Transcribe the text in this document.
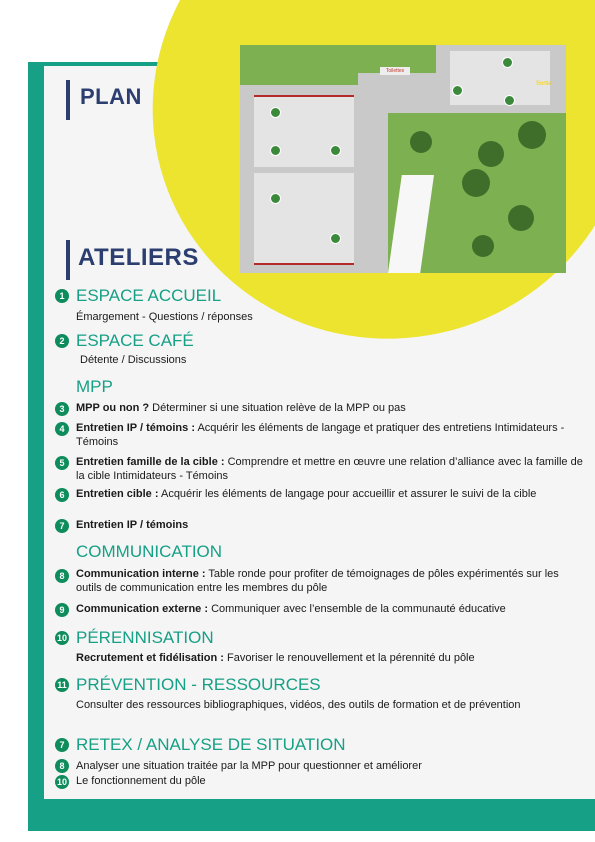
Toilettes
Sortie
PLAN
ATELIERS
1 ESPACE ACCUEIL
Émargement - Questions / réponses
2 ESPACE CAFÉ
Détente / Discussions
MPP
3	MPP ou non ? Déterminer si une situation relève de la MPP ou pas
4	Entretien IP / témoins : Acquérir les éléments de langage et pratiquer des entretiens Intimidateurs -Témoins
5	Entretien famille de la cible : Comprendre et mettre en œuvre une relation d’alliance avec la famille de la cible Intimidateurs - Témoins
6	Entretien cible : Acquérir les éléments de langage pour accueillir et assurer le suivi de la cible
7	Entretien IP / témoins
COMMUNICATION
8	Communication interne : Table ronde pour profiter de témoignages de pôles expérimentés sur les outils de communication entre les membres du pôle
9	Communication externe : Communiquer avec l’ensemble de la communauté éducative
10 PÉRENNISATION
Recrutement et fidélisation : Favoriser le renouvellement et la pérennité du pôle
11 PRÉVENTION - RESSOURCES
Consulter des ressources bibliographiques, vidéos, des outils de formation et de prévention
7 RETEX / ANALYSE DE SITUATION
8	Analyser une situation traitée par la MPP pour questionner et améliorer
10 Le fonctionnement du pôle
